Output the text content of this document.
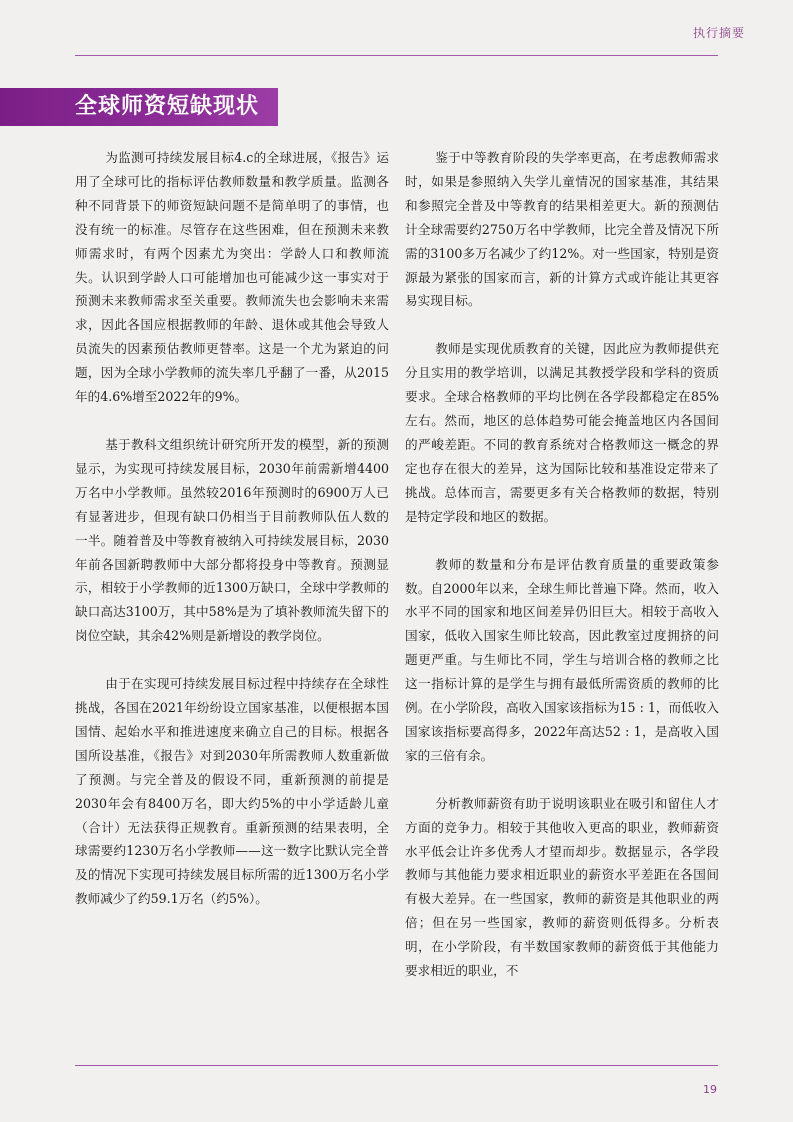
执行摘要
全球师资短缺现状

为监测可持续发展目标4.c的全球进展，《报告》运用了全球可比的指标评估教师数量和教学质量。监测各种不同背景下的师资短缺问题不是简单明了的事情，也没有统一的标准。尽管存在这些困难，但在预测未来教师需求时，有两个因素尤为突出：学龄人口和教师流失。认识到学龄人口可能增加也可能减少这一事实对于预测未来教师需求至关重要。教师流失也会影响未来需求，因此各国应根据教师的年龄、退休或其他会导致人员流失的因素预估教师更替率。这是一个尤为紧迫的问题，因为全球小学教师的流失率几乎翻了一番，从2015年的4.6%增至2022年的9%。

基于教科文组织统计研究所开发的模型，新的预测显示，为实现可持续发展目标，2030年前需新增4400万名中小学教师。虽然较2016年预测时的6900万人已有显著进步，但现有缺口仍相当于目前教师队伍人数的一半。随着普及中等教育被纳入可持续发展目标，2030年前各国新聘教师中大部分都将投身中等教育。预测显示，相较于小学教师的近1300万缺口，全球中学教师的缺口高达3100万，其中58%是为了填补教师流失留下的岗位空缺，其余42%则是新增设的教学岗位。

由于在实现可持续发展目标过程中持续存在全球性挑战，各国在2021年纷纷设立国家基准，以便根据本国国情、起始水平和推进速度来确立自己的目标。根据各国所设基准，《报告》对到2030年所需教师人数重新做了预测。与完全普及的假设不同，重新预测的前提是2030年会有8400万名，即大约5%的中小学适龄儿童（合计）无法获得正规教育。重新预测的结果表明，全球需要约1230万名小学教师——这一数字比默认完全普及的情况下实现可持续发展目标所需的近1300万名小学教师减少了约59.1万名（约5%）。

鉴于中等教育阶段的失学率更高，在考虑教师需求时，如果是参照纳入失学儿童情况的国家基准，其结果和参照完全普及中等教育的结果相差更大。新的预测估计全球需要约2750万名中学教师，比完全普及情况下所需的3100多万名减少了约12%。对一些国家，特别是资源最为紧张的国家而言，新的计算方式或许能让其更容易实现目标。

教师是实现优质教育的关键，因此应为教师提供充分且实用的教学培训，以满足其教授学段和学科的资质要求。全球合格教师的平均比例在各学段都稳定在85%左右。然而，地区的总体趋势可能会掩盖地区内各国间的严峻差距。不同的教育系统对合格教师这一概念的界定也存在很大的差异，这为国际比较和基准设定带来了挑战。总体而言，需要更多有关合格教师的数据，特别是特定学段和地区的数据。

教师的数量和分布是评估教育质量的重要政策参数。自2000年以来，全球生师比普遍下降。然而，收入水平不同的国家和地区间差异仍旧巨大。相较于高收入国家，低收入国家生师比较高，因此教室过度拥挤的问题更严重。与生师比不同，学生与培训合格的教师之比这一指标计算的是学生与拥有最低所需资质的教师的比例。在小学阶段，高收入国家该指标为15 : 1，而低收入国家该指标要高得多，2022年高达52 : 1，是高收入国家的三倍有余。

分析教师薪资有助于说明该职业在吸引和留住人才方面的竞争力。相较于其他收入更高的职业，教师薪资水平低会让许多优秀人才望而却步。数据显示，各学段教师与其他能力要求相近职业的薪资水平差距在各国间有极大差异。在一些国家，教师的薪资是其他职业的两倍；但在另一些国家，教师的薪资则低得多。分析表明，在小学阶段，有半数国家教师的薪资低于其他能力要求相近的职业，不

19
